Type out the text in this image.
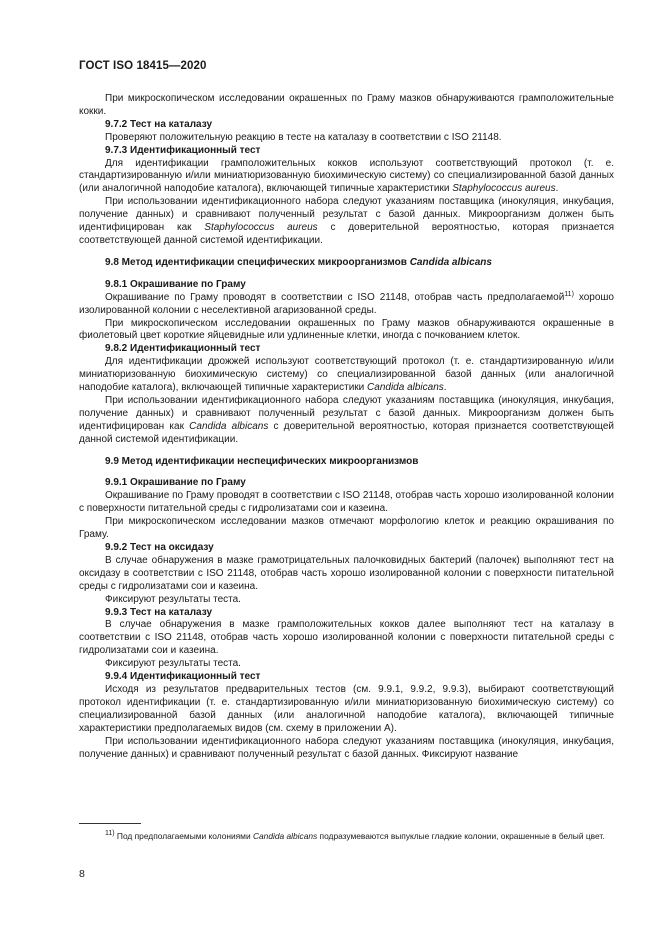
ГОСТ ISO 18415—2020

При микроскопическом исследовании окрашенных по Граму мазков обнаруживаются грамположительные кокки.

9.7.2 Тест на каталазу

Проверяют положительную реакцию в тесте на каталазу в соответствии с ISO 21148.

9.7.3 Идентификационный тест

Для идентификации грамположительных кокков используют соответствующий протокол (т. е. стандартизированную и/или миниатюризованную биохимическую систему) со специализированной базой данных (или аналогичной наподобие каталога), включающей типичные характеристики Staphylococcus aureus.

При использовании идентификационного набора следуют указаниям поставщика (инокуляция, инкубация, получение данных) и сравнивают полученный результат с базой данных. Микроорганизм должен быть идентифицирован как Staphylococcus aureus с доверительной вероятностью, которая признается соответствующей данной системой идентификации.

9.8 Метод идентификации специфических микроорганизмов Candida albicans

9.8.1 Окрашивание по Граму

Окрашивание по Граму проводят в соответствии с ISO 21148, отобрав часть предполагаемой$^{11)}$ хорошо изолированной колонии с неселективной агаризованной среды.

При микроскопическом исследовании окрашенных по Граму мазков обнаруживаются окрашенные в фиолетовый цвет короткие яйцевидные или удлиненные клетки, иногда с почкованием клеток.

9.8.2 Идентификационный тест

Для идентификации дрожжей используют соответствующий протокол (т. е. стандартизированную и/или миниатюризованную биохимическую систему) со специализированной базой данных (или аналогичной наподобие каталога), включающей типичные характеристики Candida albicans.

При использовании идентификационного набора следуют указаниям поставщика (инокуляция, инкубация, получение данных) и сравнивают полученный результат с базой данных. Микроорганизм должен быть идентифицирован как Candida albicans с доверительной вероятностью, которая признается соответствующей данной системой идентификации.

9.9 Метод идентификации неспецифических микроорганизмов

9.9.1 Окрашивание по Граму

Окрашивание по Граму проводят в соответствии с ISO 21148, отобрав часть хорошо изолированной колонии с поверхности питательной среды с гидролизатами сои и казеина.

При микроскопическом исследовании мазков отмечают морфологию клеток и реакцию окрашивания по Граму.

9.9.2 Тест на оксидазу

В случае обнаружения в мазке грамотрицательных палочковидных бактерий (палочек) выполняют тест на оксидазу в соответствии с ISO 21148, отобрав часть хорошо изолированной колонии с поверхности питательной среды с гидролизатами сои и казеина.

Фиксируют результаты теста.

9.9.3 Тест на каталазу

В случае обнаружения в мазке грамположительных кокков далее выполняют тест на каталазу в соответствии с ISO 21148, отобрав часть хорошо изолированной колонии с поверхности питательной среды с гидролизатами сои и казеина.

Фиксируют результаты теста.

9.9.4 Идентификационный тест

Исходя из результатов предварительных тестов (см. 9.9.1, 9.9.2, 9.9.3), выбирают соответствующий протокол идентификации (т. е. стандартизированную и/или миниатюризованную биохимическую систему) со специализированной базой данных (или аналогичной наподобие каталога), включающей типичные характеристики предполагаемых видов (см. схему в приложении А).

При использовании идентификационного набора следуют указаниям поставщика (инокуляция, инкубация, получение данных) и сравнивают полученный результат с базой данных. Фиксируют название

$^{11)}$ Под предполагаемыми колониями Candida albicans подразумеваются выпуклые гладкие колонии, окрашенные в белый цвет.
8
